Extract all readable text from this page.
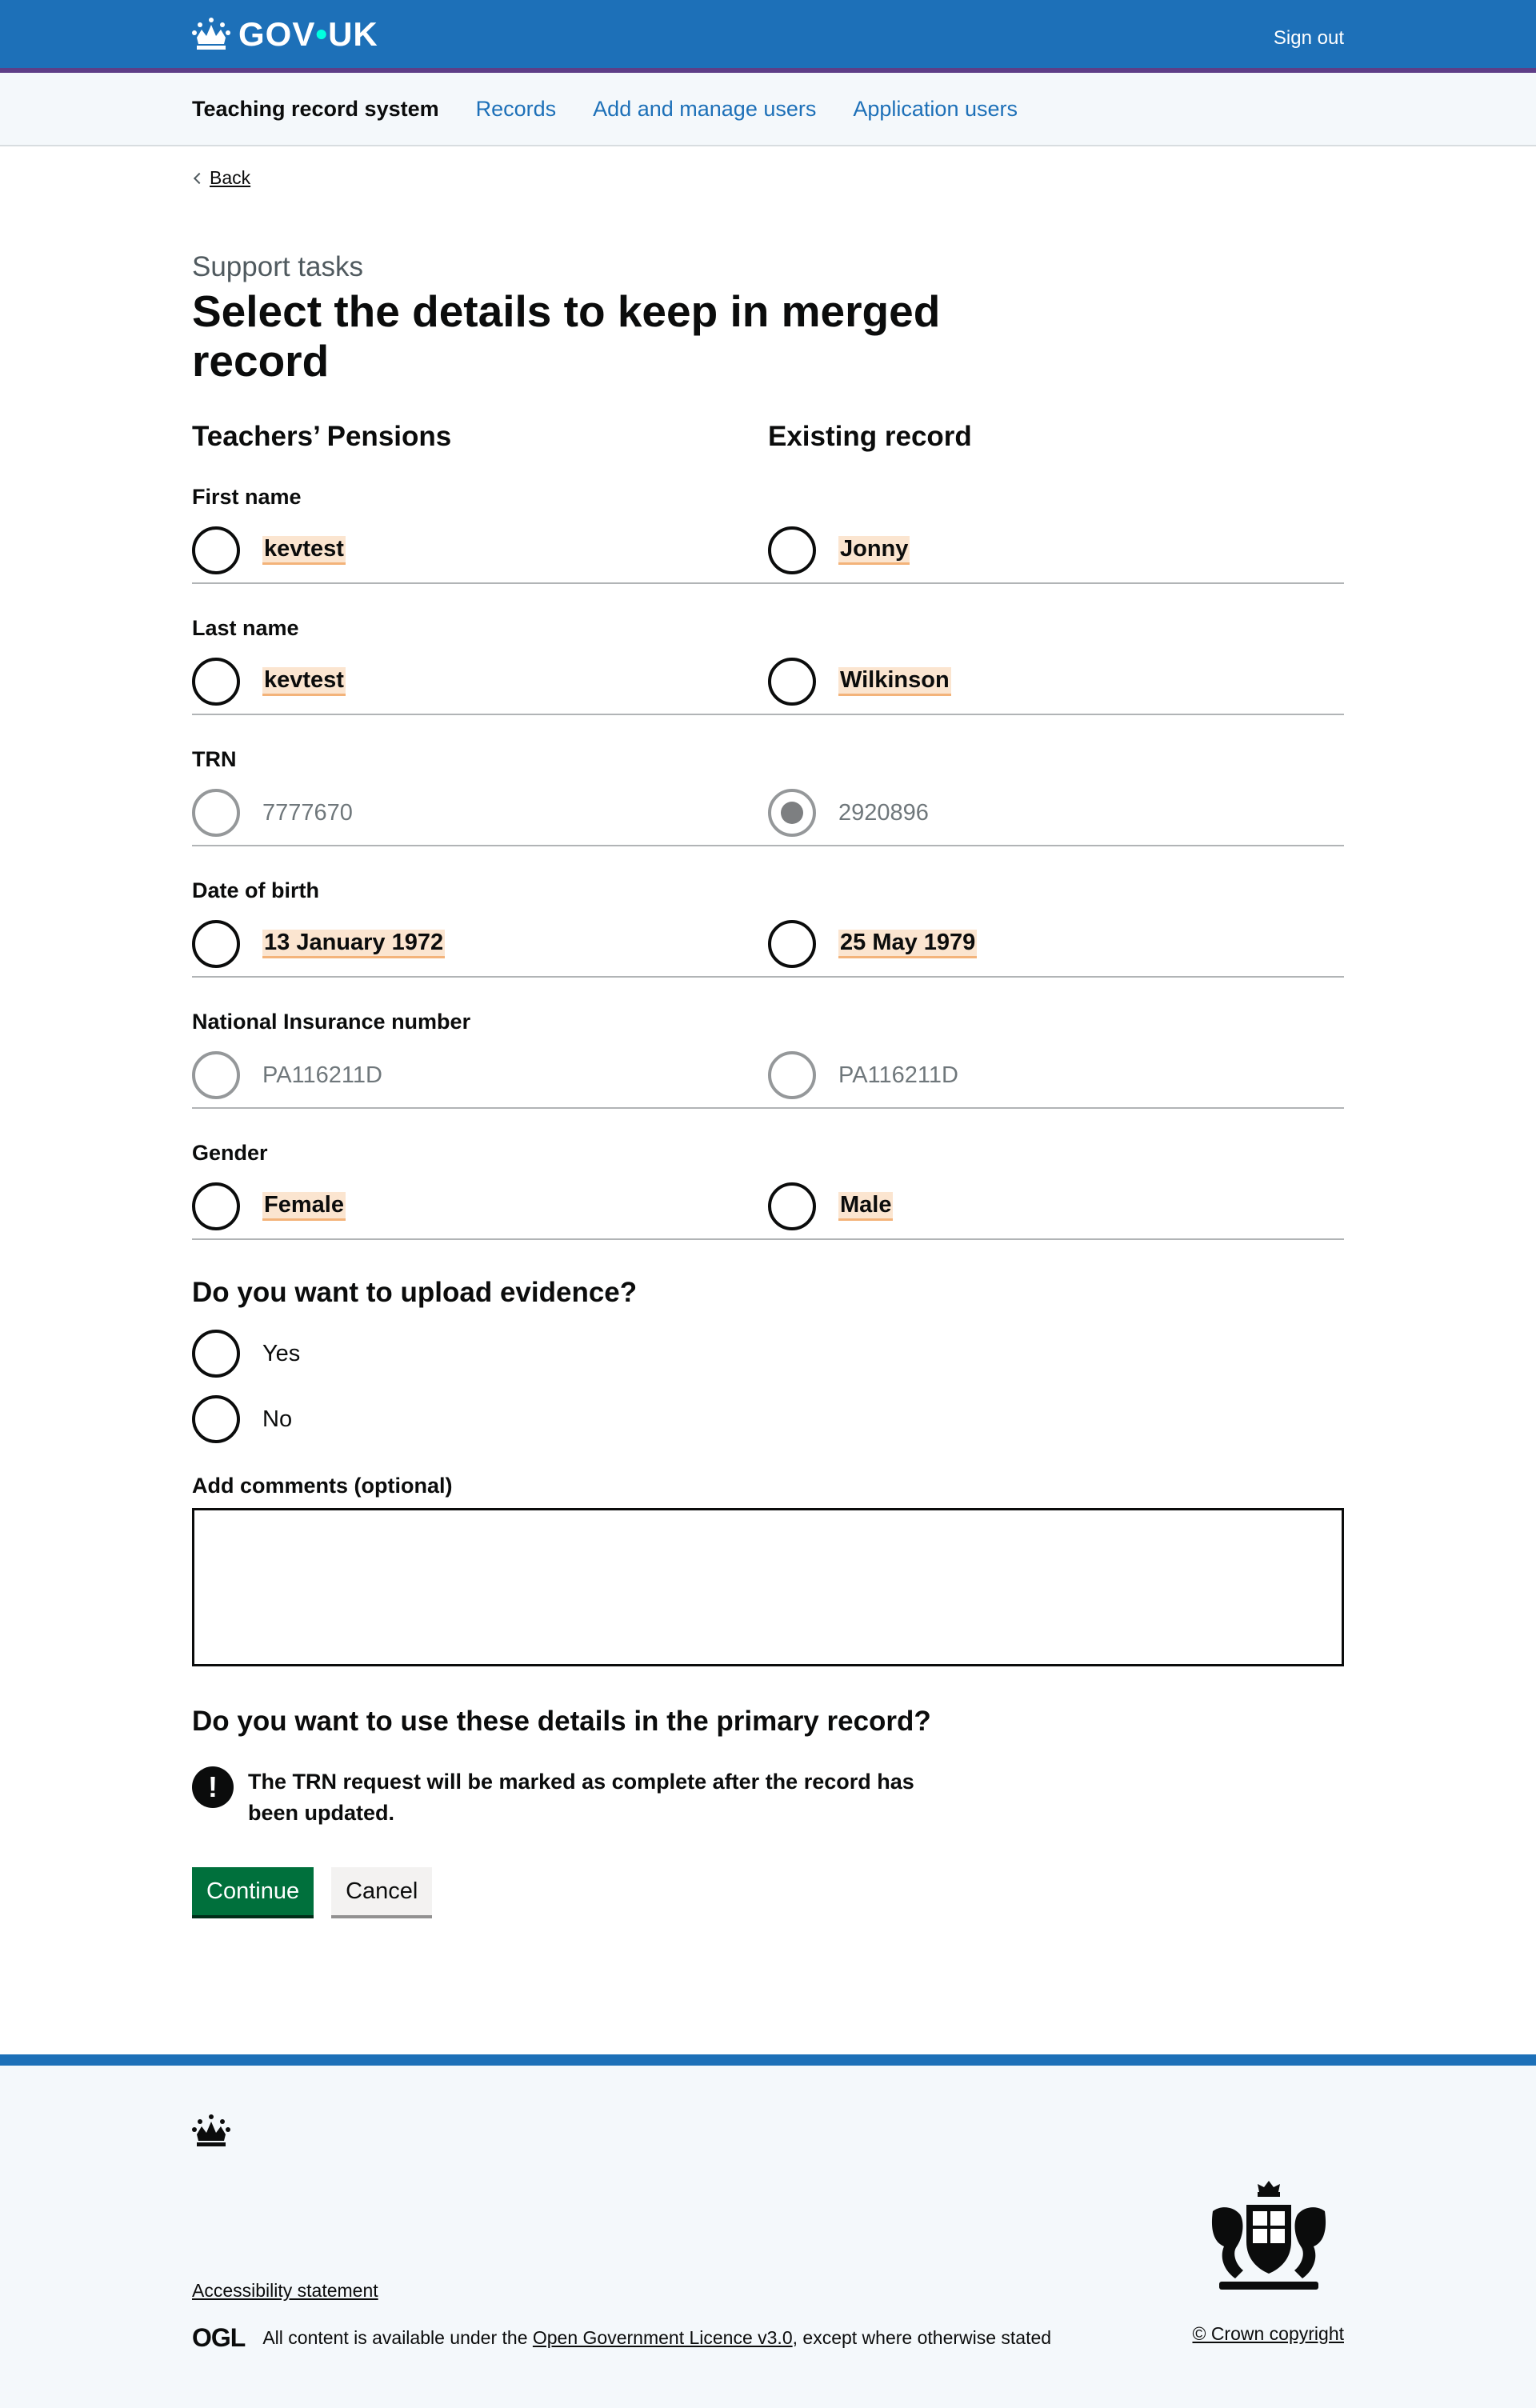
GOV•UK	Sign out
Teaching record system Records Add and manage users Application users
Back
Support tasks
Select the details to keep in merged record
Teachers’ Pensions	Existing record
First name
kevtest	Jonny
Last name
kevtest	Wilkinson
TRN
7777670	2920896
Date of birth
13 January 1972	25 May 1979
National Insurance number
PA116211D	PA116211D
Gender
Female	Male
Do you want to upload evidence?
Yes
No
Add comments (optional)
Do you want to use these details in the primary record?
!	The TRN request will be marked as complete after the record has been updated.
Continue	Cancel
Accessibility statement
OGL All content is available under the Open Government Licence v3.0, except where otherwise stated	© Crown copyright
